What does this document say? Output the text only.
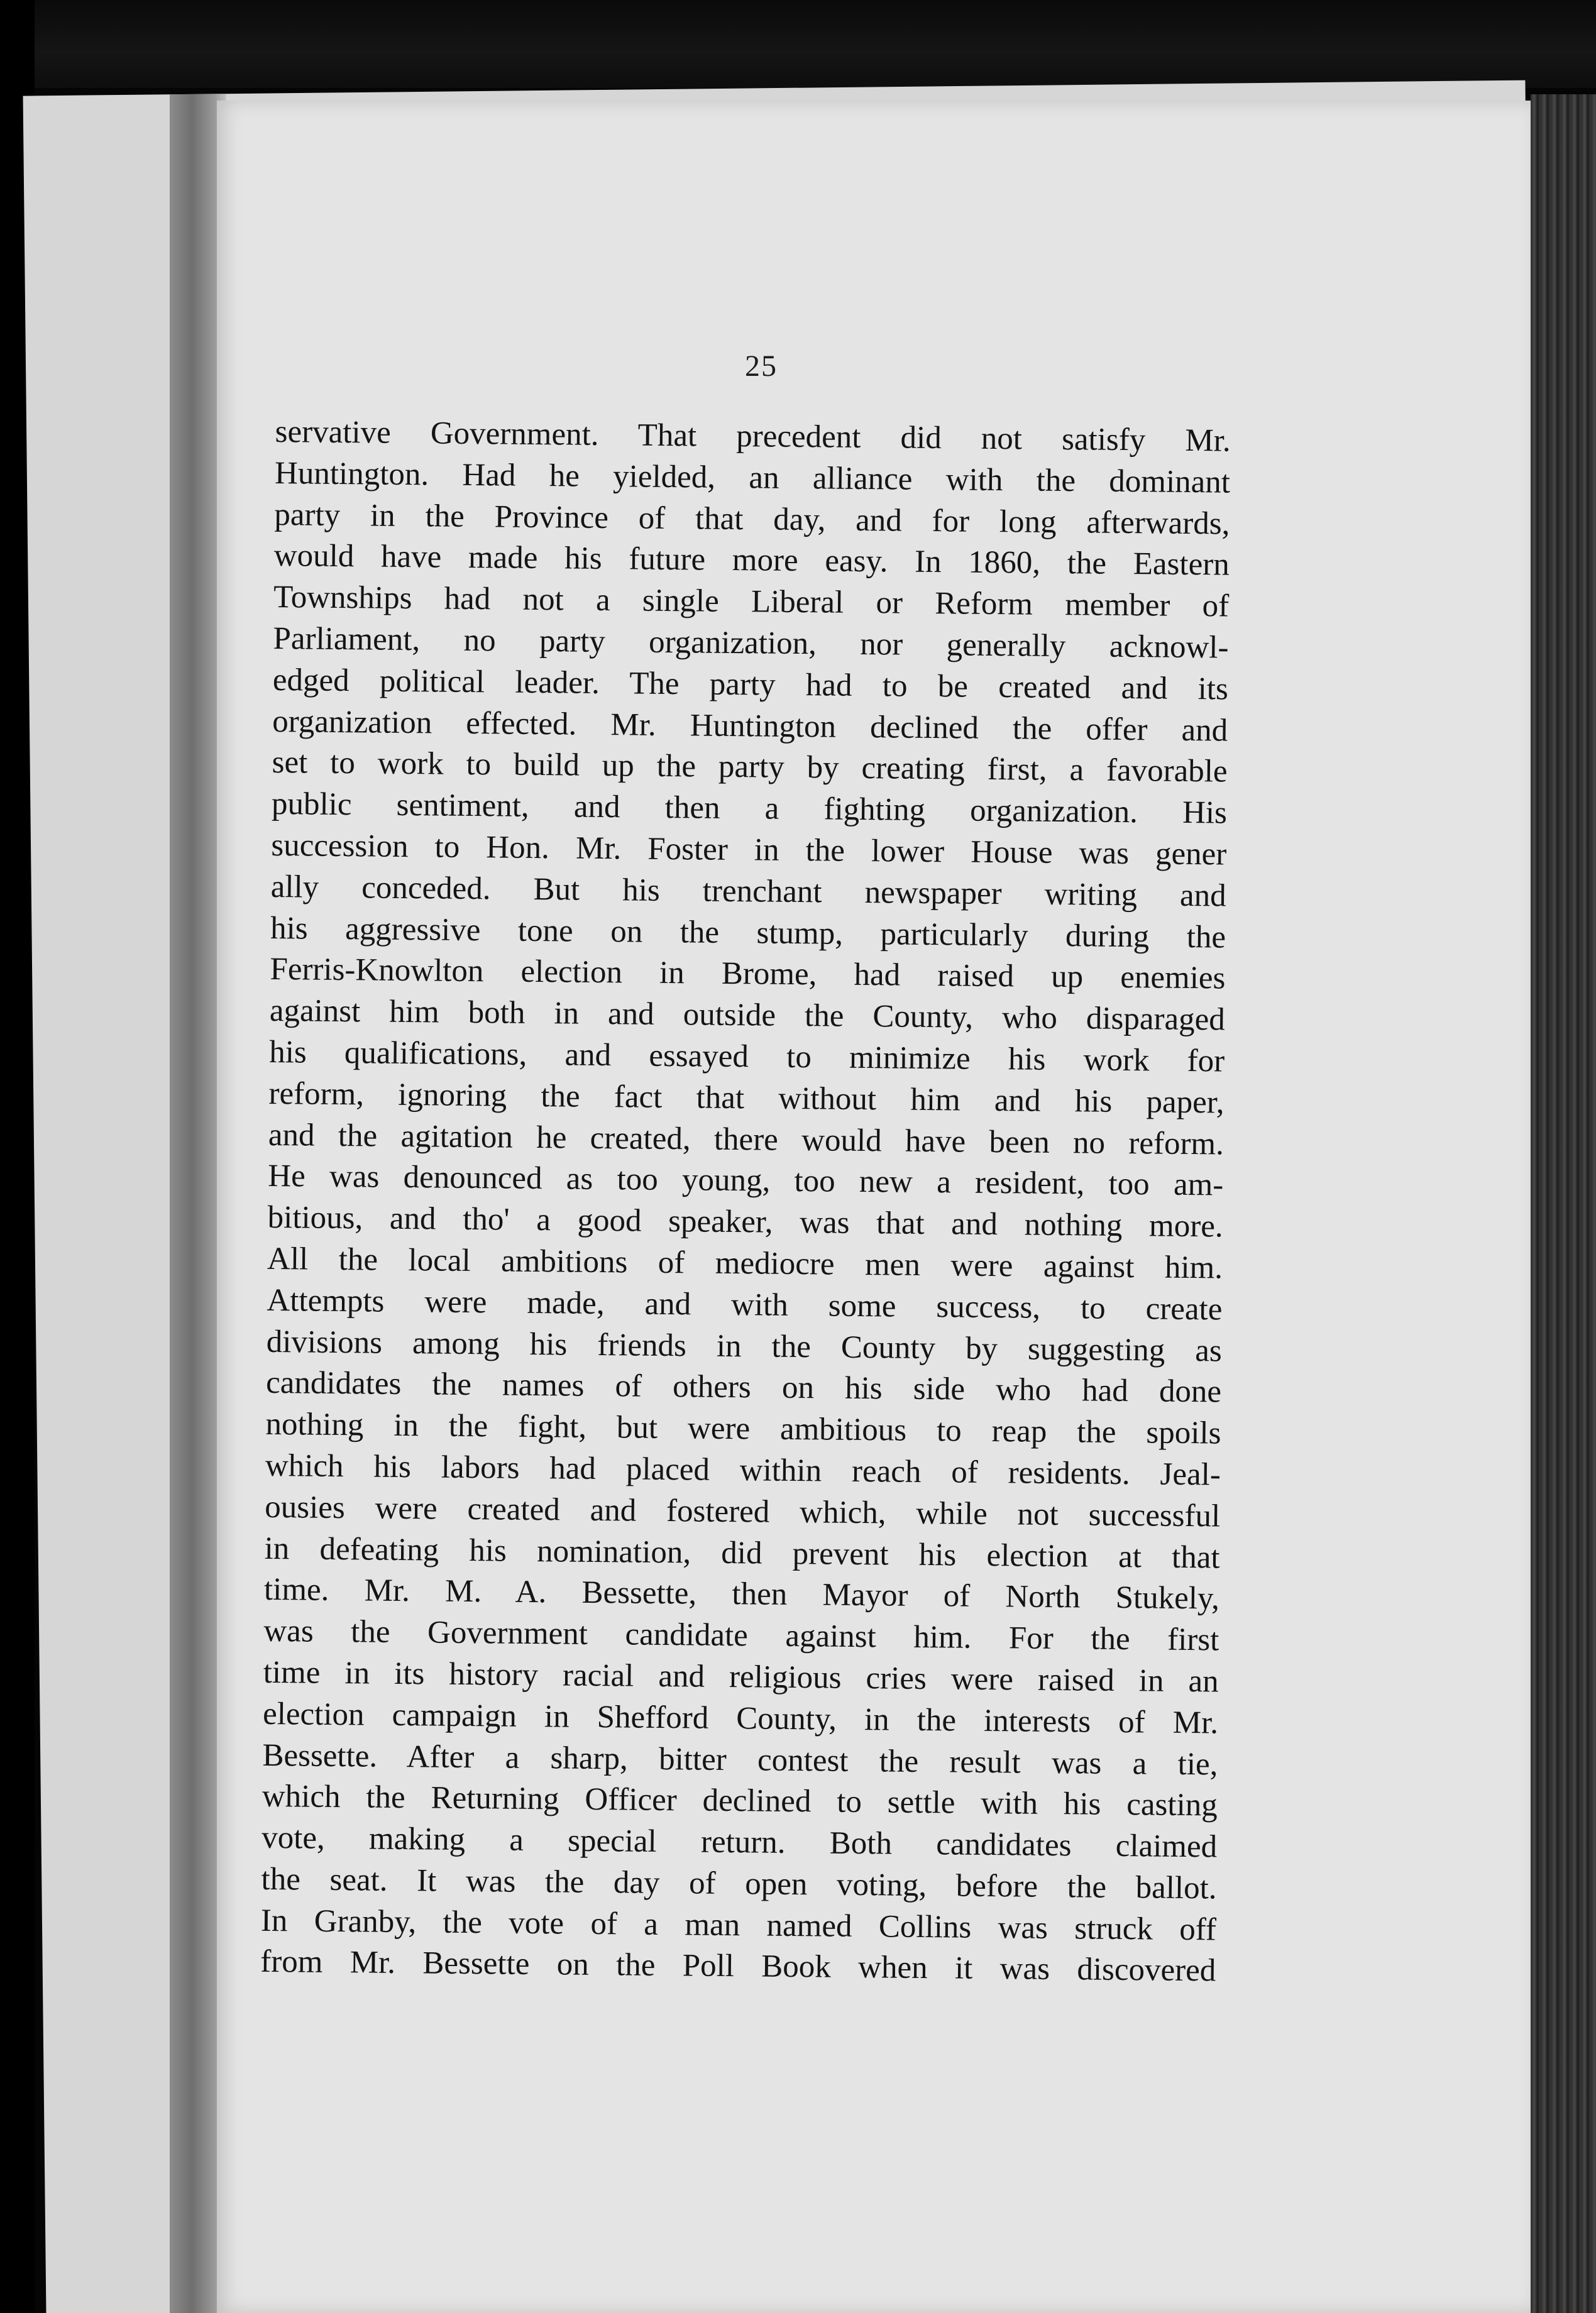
25
servative Government. That precedent did not satisfy Mr.
Huntington. Had he yielded, an alliance with the dominant
party in the Province of that day, and for long afterwards,
would have made his future more easy. In 1860, the Eastern
Townships had not a single Liberal or Reform member of
Parliament, no party organization, nor generally acknowl-
edged political leader. The party had to be created and its
organization effected. Mr. Huntington declined the offer and
set to work to build up the party by creating first, a favorable
public sentiment, and then a fighting organization. His
succession to Hon. Mr. Foster in the lower House was gener
ally conceded. But his trenchant newspaper writing and
his aggressive tone on the stump, particularly during the
Ferris-Knowlton election in Brome, had raised up enemies
against him both in and outside the County, who disparaged
his qualifications, and essayed to minimize his work for
reform, ignoring the fact that without him and his paper,
and the agitation he created, there would have been no reform.
He was denounced as too young, too new a resident, too am-
bitious, and tho' a good speaker, was that and nothing more.
All the local ambitions of mediocre men were against him.
Attempts were made, and with some success, to create
divisions among his friends in the County by suggesting as
candidates the names of others on his side who had done
nothing in the fight, but were ambitious to reap the spoils
which his labors had placed within reach of residents. Jeal-
ousies were created and fostered which, while not successful
in defeating his nomination, did prevent his election at that
time. Mr. M. A. Bessette, then Mayor of North Stukely,
was the Government candidate against him. For the first
time in its history racial and religious cries were raised in an
election campaign in Shefford County, in the interests of Mr.
Bessette. After a sharp, bitter contest the result was a tie,
which the Returning Officer declined to settle with his casting
vote, making a special return. Both candidates claimed
the seat. It was the day of open voting, before the ballot.
In Granby, the vote of a man named Collins was struck off
from Mr. Bessette on the Poll Book when it was discovered
